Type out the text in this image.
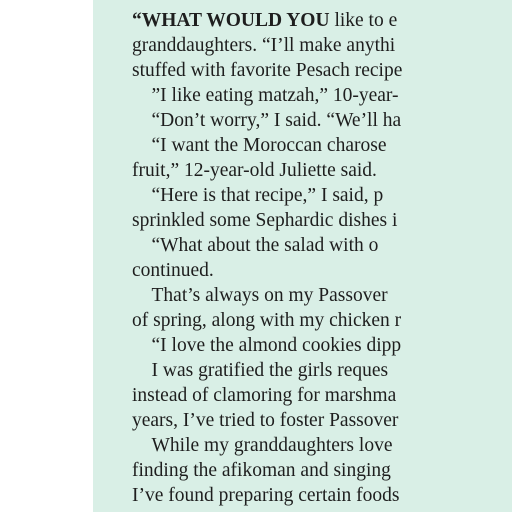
“WHAT WOULD YOU like to e
granddaughters. “I’ll make anythi
stuffed with favorite Pesach recipe
 ”I like eating matzah,” 10-year-
 “Don’t worry,” I said. “We’ll ha
 “I want the Moroccan charose
fruit,” 12-year-old Juliette said.
 “Here is that recipe,” I said, p
sprinkled some Sephardic dishes i
 “What about the salad with o
continued.
 That’s always on my Passover
of spring, along with my chicken r
 “I love the almond cookies dipp
 I was gratified the girls reques
instead of clamoring for marshma
years, I’ve tried to foster Passover
 While my granddaughters love
finding the afikoman and singing
I’ve found preparing certain foods
